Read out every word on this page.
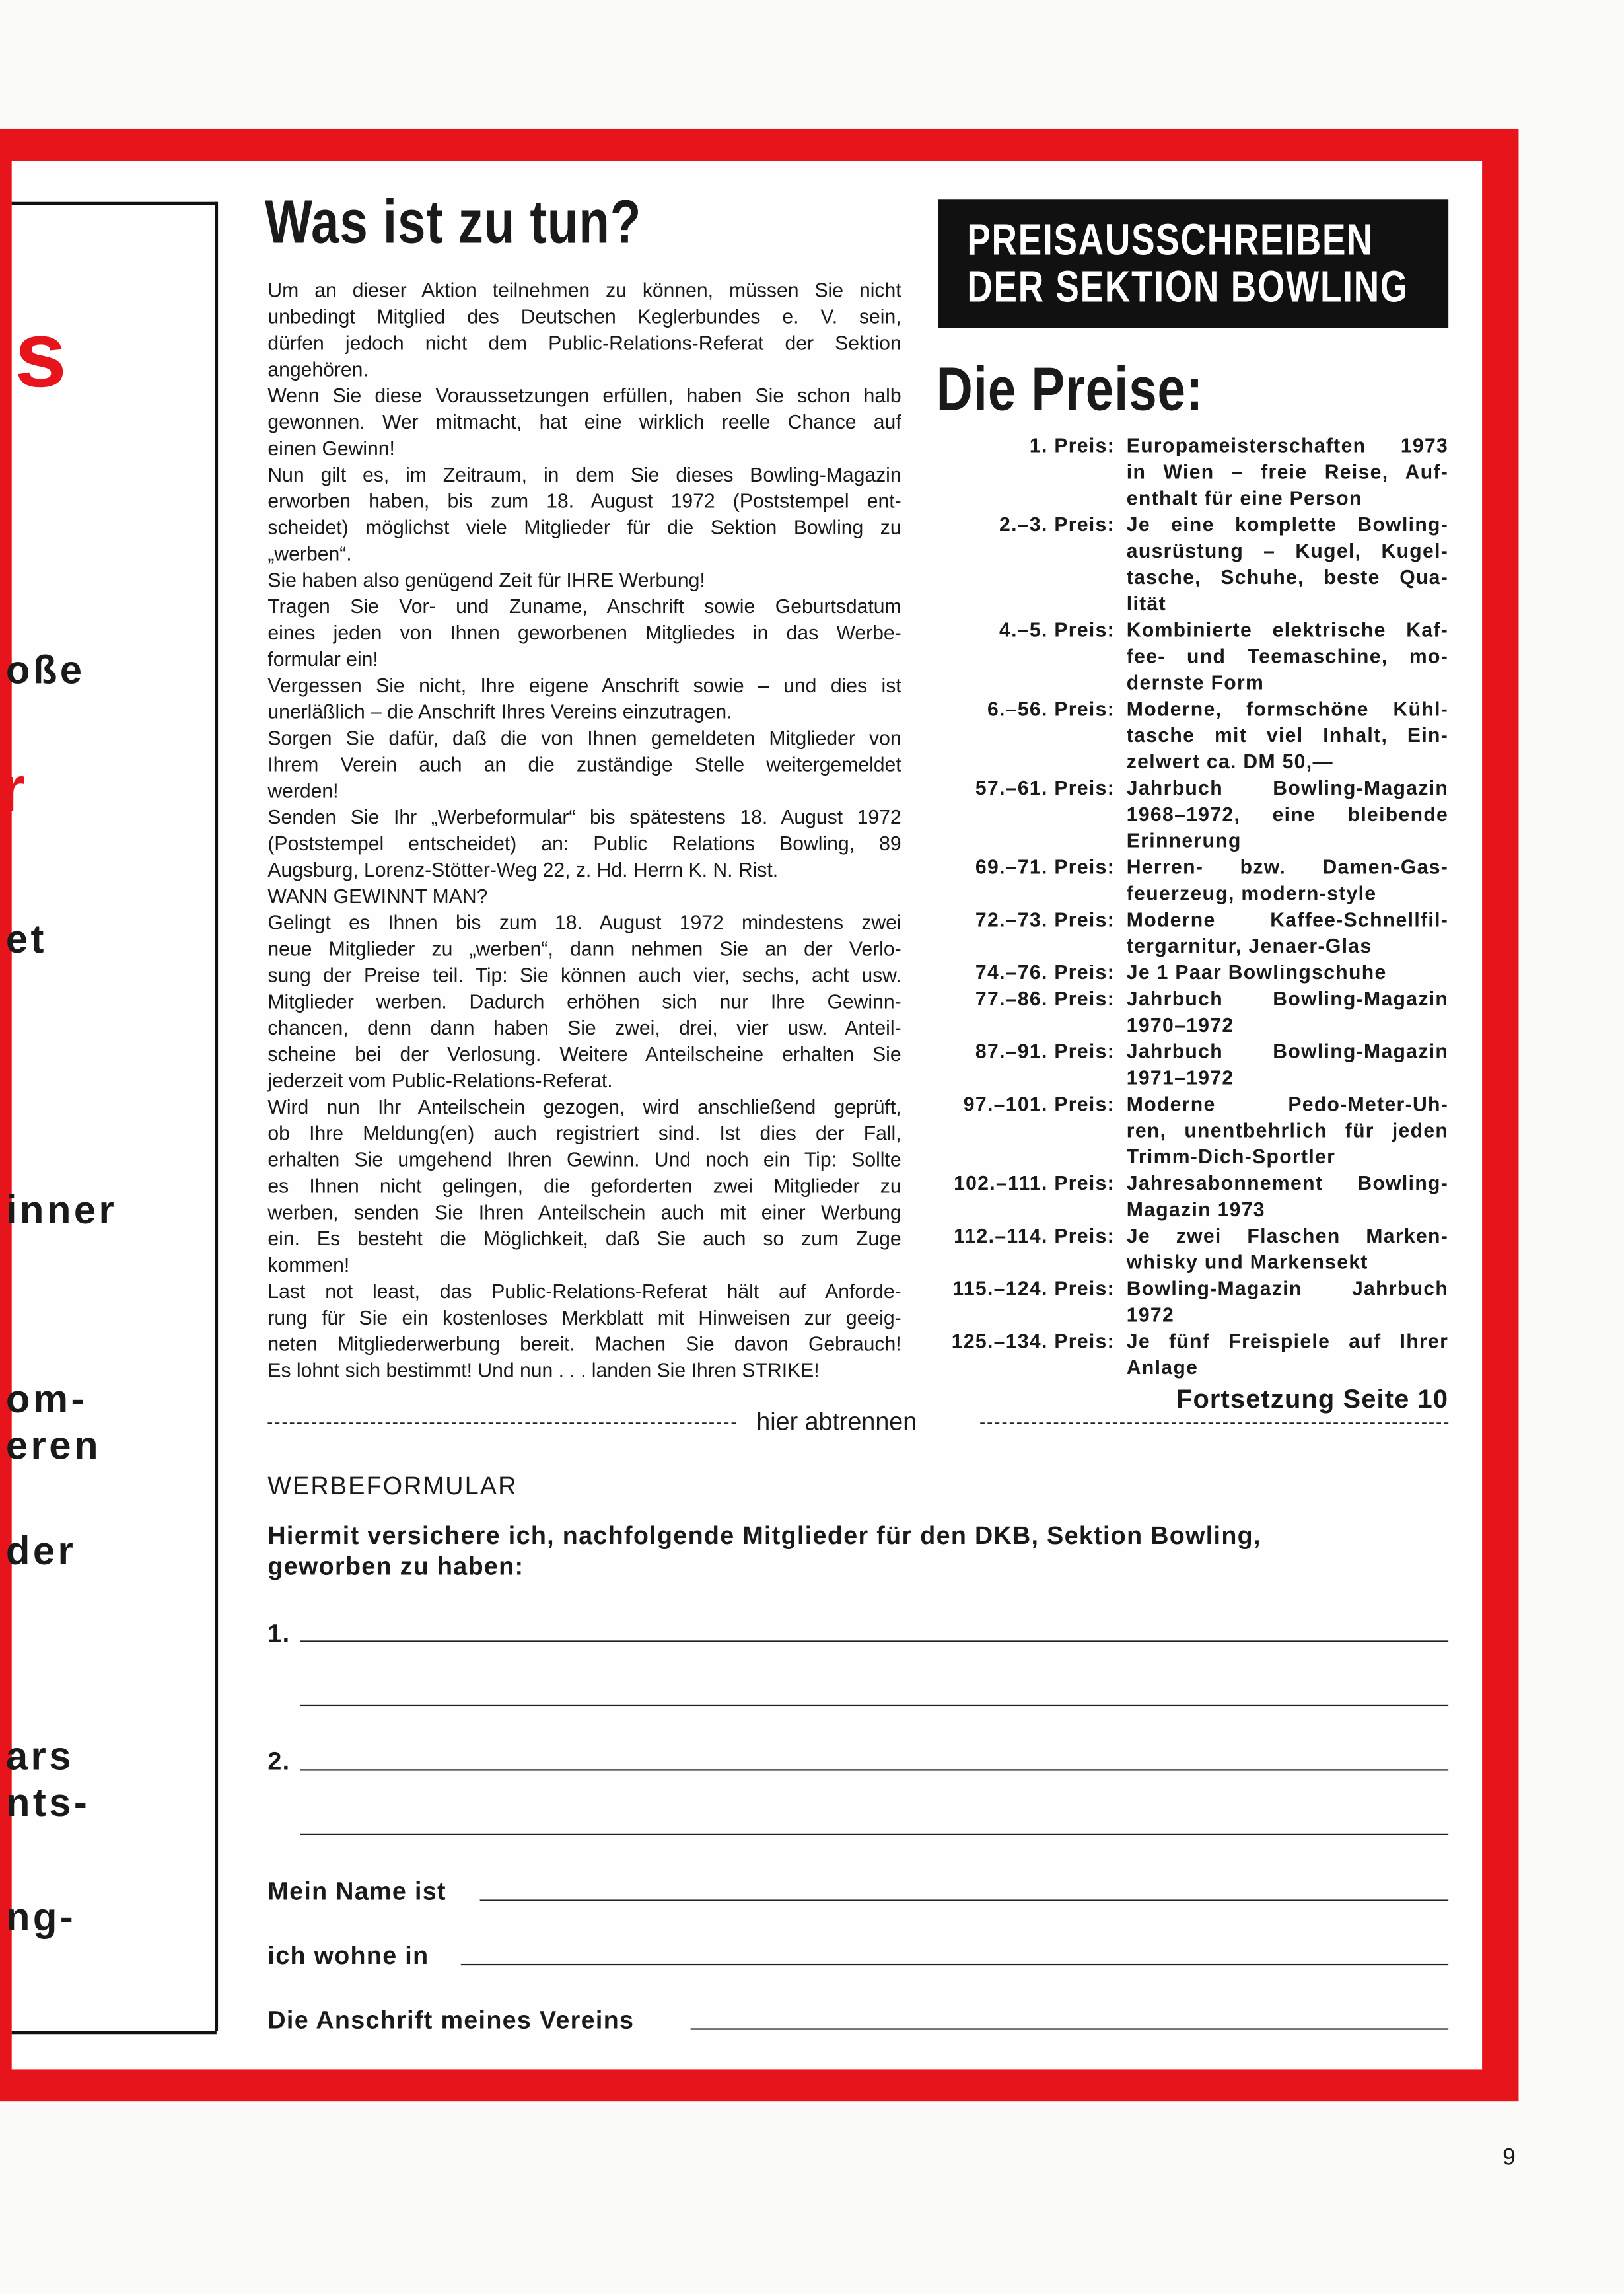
s
oße
r
et
inner
om-
eren
der
ars
nts-
ng-
Was ist zu tun?
Um an dieser Aktion teilnehmen zu können, müssen Sie nicht
unbedingt Mitglied des Deutschen Keglerbundes e. V. sein,
dürfen jedoch nicht dem Public-Relations-Referat der Sektion
angehören.
Wenn Sie diese Voraussetzungen erfüllen, haben Sie schon halb
gewonnen. Wer mitmacht, hat eine wirklich reelle Chance auf
einen Gewinn!
Nun gilt es, im Zeitraum, in dem Sie dieses Bowling-Magazin
erworben haben, bis zum 18. August 1972 (Poststempel ent-
scheidet) möglichst viele Mitglieder für die Sektion Bowling zu
„werben“.
Sie haben also genügend Zeit für IHRE Werbung!
Tragen Sie Vor- und Zuname, Anschrift sowie Geburtsdatum
eines jeden von Ihnen geworbenen Mitgliedes in das Werbe-
formular ein!
Vergessen Sie nicht, Ihre eigene Anschrift sowie – und dies ist
unerläßlich – die Anschrift Ihres Vereins einzutragen.
Sorgen Sie dafür, daß die von Ihnen gemeldeten Mitglieder von
Ihrem Verein auch an die zuständige Stelle weitergemeldet
werden!
Senden Sie Ihr „Werbeformular“ bis spätestens 18. August 1972
(Poststempel entscheidet) an: Public Relations Bowling, 89
Augsburg, Lorenz-Stötter-Weg 22, z. Hd. Herrn K. N. Rist.
WANN GEWINNT MAN?
Gelingt es Ihnen bis zum 18. August 1972 mindestens zwei
neue Mitglieder zu „werben“, dann nehmen Sie an der Verlo-
sung der Preise teil. Tip: Sie können auch vier, sechs, acht usw.
Mitglieder werben. Dadurch erhöhen sich nur Ihre Gewinn-
chancen, denn dann haben Sie zwei, drei, vier usw. Anteil-
scheine bei der Verlosung. Weitere Anteilscheine erhalten Sie
jederzeit vom Public-Relations-Referat.
Wird nun Ihr Anteilschein gezogen, wird anschließend geprüft,
ob Ihre Meldung(en) auch registriert sind. Ist dies der Fall,
erhalten Sie umgehend Ihren Gewinn. Und noch ein Tip: Sollte
es Ihnen nicht gelingen, die geforderten zwei Mitglieder zu
werben, senden Sie Ihren Anteilschein auch mit einer Werbung
ein. Es besteht die Möglichkeit, daß Sie auch so zum Zuge
kommen!
Last not least, das Public-Relations-Referat hält auf Anforde-
rung für Sie ein kostenloses Merkblatt mit Hinweisen zur geeig-
neten Mitgliederwerbung bereit. Machen Sie davon Gebrauch!
Es lohnt sich bestimmt! Und nun . . . landen Sie Ihren STRIKE!
PREISAUSSCHREIBEN
DER SEKTION BOWLING
Die Preise:
1. Preis:	Europameisterschaften 1973
in Wien – freie Reise, Auf-
enthalt für eine Person
2.–3. Preis:	Je eine komplette Bowling-
ausrüstung – Kugel, Kugel-
tasche, Schuhe, beste Qua-
lität
4.–5. Preis:	Kombinierte elektrische Kaf-
fee- und Teemaschine, mo-
dernste Form
6.–56. Preis:	Moderne, formschöne Kühl-
tasche mit viel Inhalt, Ein-
zelwert ca. DM 50,—
57.–61. Preis:	Jahrbuch Bowling-Magazin
1968–1972, eine bleibende
Erinnerung
69.–71. Preis:	Herren- bzw. Damen-Gas-
feuerzeug, modern-style
72.–73. Preis:	Moderne Kaffee-Schnellfil-
tergarnitur, Jenaer-Glas
74.–76. Preis:	Je 1 Paar Bowlingschuhe
77.–86. Preis:	Jahrbuch Bowling-Magazin
1970–1972
87.–91. Preis:	Jahrbuch Bowling-Magazin
1971–1972
97.–101. Preis:	Moderne Pedo-Meter-Uh-
ren, unentbehrlich für jeden
Trimm-Dich-Sportler
102.–111. Preis:	Jahresabonnement Bowling-
Magazin 1973
112.–114. Preis:	Je zwei Flaschen Marken-
whisky und Markensekt
115.–124. Preis:	Bowling-Magazin Jahrbuch
1972
125.–134. Preis:	Je fünf Freispiele auf Ihrer
Anlage
Fortsetzung Seite 10
hier abtrennen
WERBEFORMULAR
Hiermit versichere ich, nachfolgende Mitglieder für den DKB, Sektion Bowling,
geworben zu haben:
1.
2.
Mein Name ist
ich wohne in
Die Anschrift meines Vereins
9
